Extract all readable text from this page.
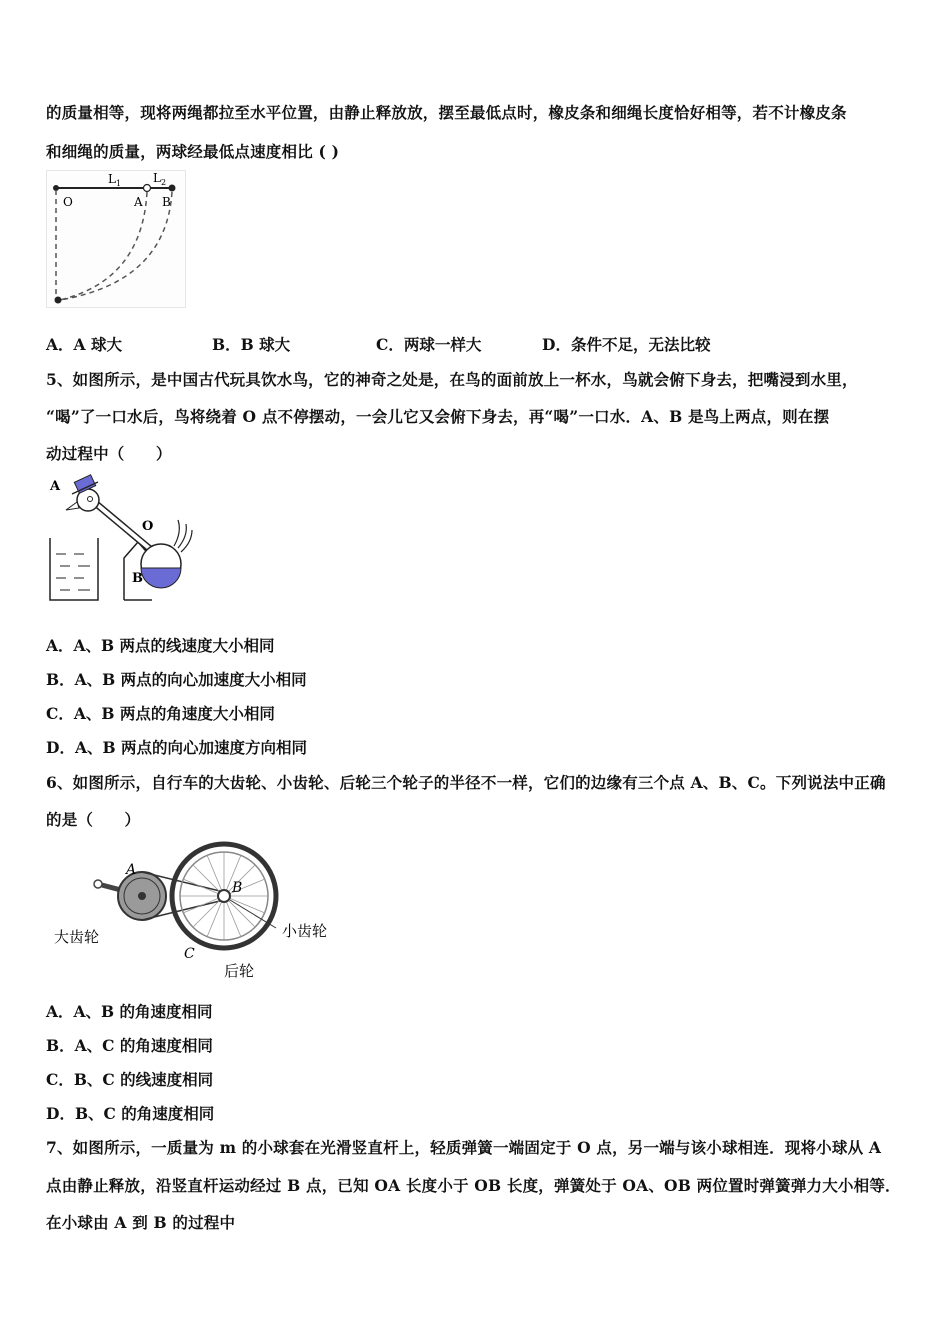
的质量相等，现将两绳都拉至水平位置，由静止释放放，摆至最低点时，橡皮条和细绳长度恰好相等，若不计橡皮条
和细绳的质量，两球经最低点速度相比 ( )
$L_1$	$L_2$
O	A B
A．A 球大	B．B 球大	C．两球一样大	D．条件不足，无法比较
5、如图所示，是中国古代玩具饮水鸟，它的神奇之处是，在鸟的面前放上一杯水，鸟就会俯下身去，把嘴浸到水里，
“喝”了一口水后，鸟将绕着 O 点不停摆动，一会儿它又会俯下身去，再“喝”一口水．A、B 是鸟上两点，则在摆
动过程中（　　）
A
O
B
A．A、B 两点的线速度大小相同
B．A、B 两点的向心加速度大小相同
C．A、B 两点的角速度大小相同
D．A、B 两点的向心加速度方向相同
6、如图所示，自行车的大齿轮、小齿轮、后轮三个轮子的半径不一样，它们的边缘有三个点 A、B、C。下列说法中正确
的是（　　）
A
B
C
大齿轮	小齿轮
后轮
A．A、B 的角速度相同
B．A、C 的角速度相同
C．B、C 的线速度相同
D．B、C 的角速度相同
7、如图所示，一质量为 m 的小球套在光滑竖直杆上，轻质弹簧一端固定于 O 点，另一端与该小球相连．现将小球从 A
点由静止释放，沿竖直杆运动经过 B 点，已知 OA 长度小于 OB 长度，弹簧处于 OA、OB 两位置时弹簧弹力大小相等．
在小球由 A 到 B 的过程中
